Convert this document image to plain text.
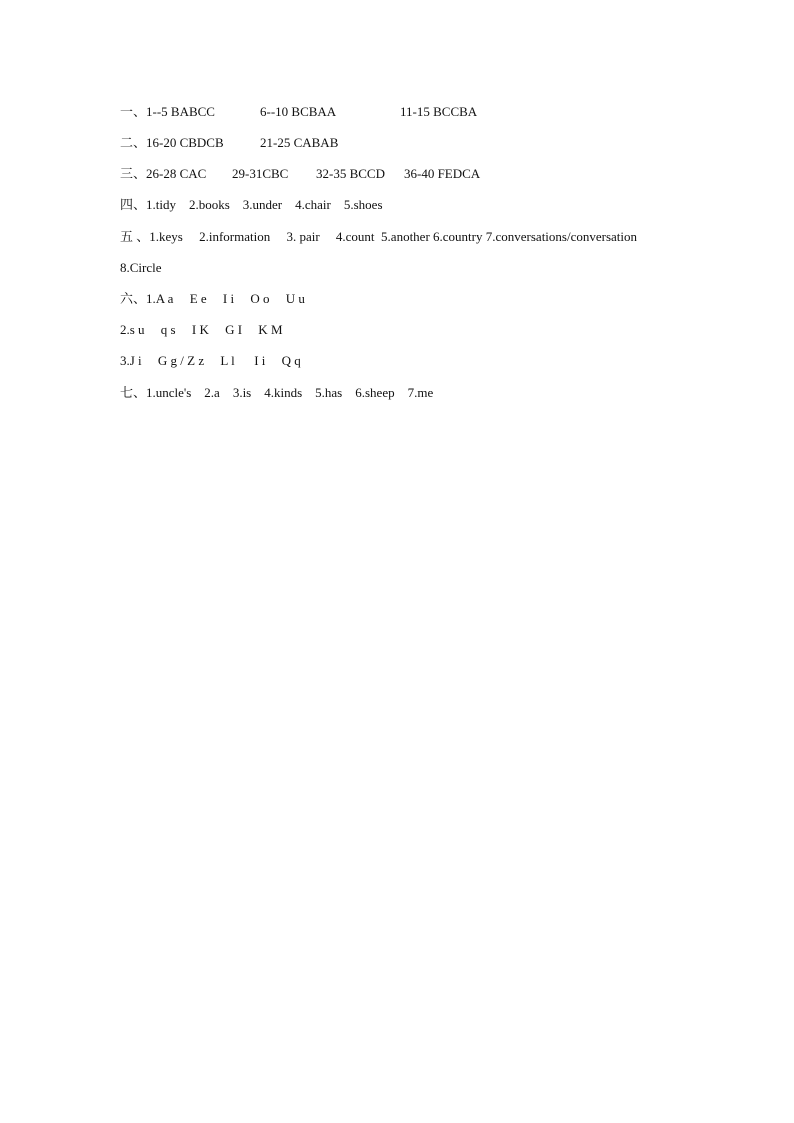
一、1--5 BABCC

	6--10 BCBAA

	11-15 BCCBA

二、16-20 CBDCB

	21-25 CABAB

三、26-28 CAC

29-31CBC

32-35 BCCD

36-40 FEDCA

四、1.tidy    2.books    3.under    4.chair    5.shoes
五 、1.keys     2.information     3. pair     4.count  5.another 6.country 7.conversations/conversation
8.Circle
六、1.A a     E e     I i     O o     U u
2.s u     q s     I K     G I     K M
3.J i     G g / Z z     L l      I i     Q q
七、1.uncle's    2.a    3.is    4.kinds    5.has    6.sheep    7.me
